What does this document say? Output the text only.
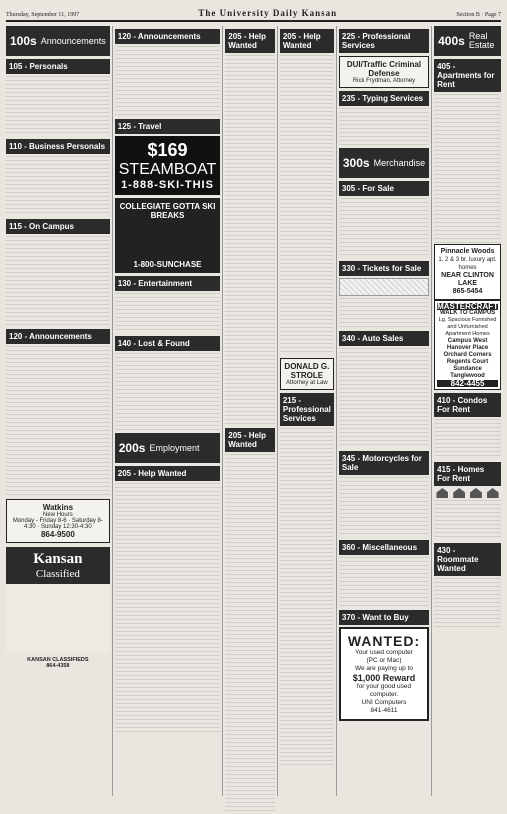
Thursday, September 11, 1997	The University Daily Kansan	Section B · Page 7
100s Announcements
105 - Personals
110 - Business Personals
115 - On Campus
120 - Announcements
Watkins
New Hours
Monday - Friday 8-6 · Saturday 8-4:30 · Sunday 12:30-4:30
864-9500
Kansan
Classified
KANSAN CLASSIFIEDS
864-4358
120 - Announcements
125 - Travel
$169
STEAMBOAT
1-888-SKI-THIS
COLLEGIATE GOTTA SKI BREAKS
1-800-SUNCHASE
130 - Entertainment
140 - Lost & Found
200s Employment
205 - Help Wanted
205 - Help Wanted
205 - Help Wanted
205 - Help Wanted
DONALD G. STROLE
Attorney at Law
215 - Professional Services
225 - Professional Services
DUI/Traffic Criminal Defense
Rick Frydman, Attorney
235 - Typing Services
300s Merchandise
305 - For Sale
330 - Tickets for Sale
340 - Auto Sales
345 - Motorcycles for Sale
360 - Miscellaneous
370 - Want to Buy
WANTED:
Your used computer
(PC or Mac)
We are paying up to
$1,000 Reward
for your good used computer.
UNI Computers
841-4611
400s Real Estate
405 - Apartments for Rent
Pinnacle Woods
1, 2 & 3 br. luxury apt. homes
NEAR CLINTON LAKE
865-5454
MASTERCRAFT
WALK TO CAMPUS
Lg. Spacious Furnished and Unfurnished Apartment Homes
Campus West
Hanover Place
Orchard Corners
Regents Court
Sundance
Tanglewood
842-4455
410 - Condos For Rent
415 - Homes For Rent
430 - Roommate Wanted
